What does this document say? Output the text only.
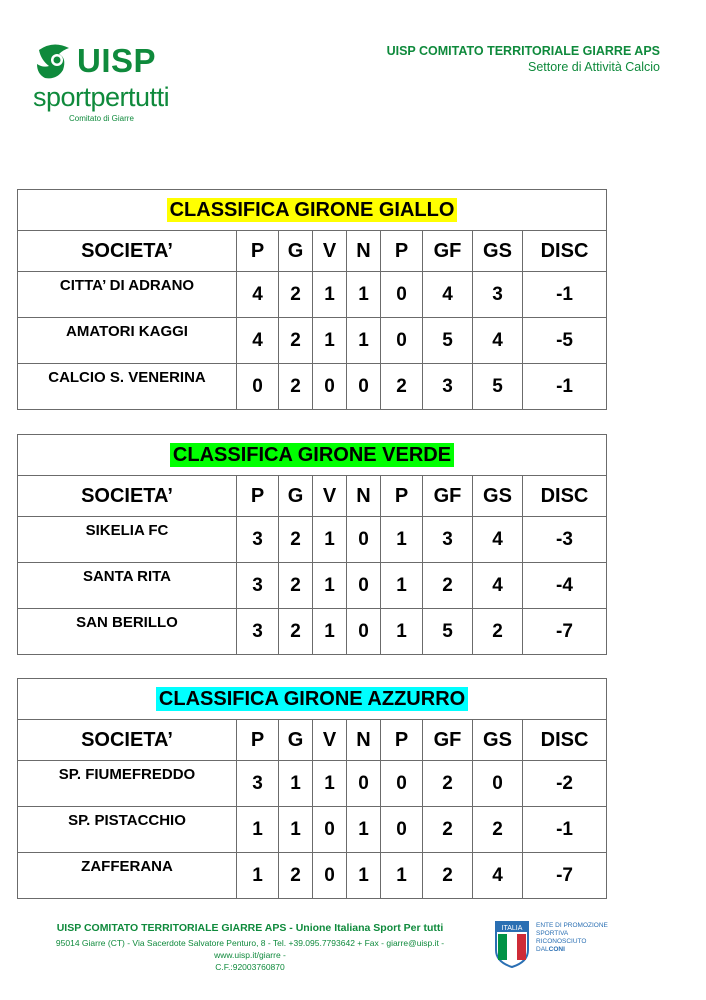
UISP
sportpertutti
Comitato di Giarre
UISP COMITATO TERRITORIALE GIARRE APS
Settore di Attività Calcio
CLASSIFICA GIRONE GIALLO								
SOCIETA’	P	G	V	N	P	GF	GS	DISC
CITTA’ DI ADRANO	4	2	1	1	0	4	3	-1
AMATORI KAGGI	4	2	1	1	0	5	4	-5
CALCIO S. VENERINA	0	2	0	0	2	3	5	-1
CLASSIFICA GIRONE VERDE								
SOCIETA’	P	G	V	N	P	GF	GS	DISC
SIKELIA FC	3	2	1	0	1	3	4	-3
SANTA RITA	3	2	1	0	1	2	4	-4
SAN BERILLO	3	2	1	0	1	5	2	-7
CLASSIFICA GIRONE AZZURRO								
SOCIETA’	P	G	V	N	P	GF	GS	DISC
SP. FIUMEFREDDO	3	1	1	0	0	2	0	-2
SP. PISTACCHIO	1	1	0	1	0	2	2	-1
ZAFFERANA	1	2	0	1	1	2	4	-7
UISP COMITATO TERRITORIALE GIARRE APS - Unione Italiana Sport Per tutti
95014 Giarre (CT) - Via Sacerdote Salvatore Penturo, 8 - Tel. +39.095.7793642 + Fax - giarre@uisp.it - www.uisp.it/giarre -
C.F.:92003760870
ITALIA ENTE DI PROMOZIONE
SPORTIVA
RICONOSCIUTO
DALCONI
